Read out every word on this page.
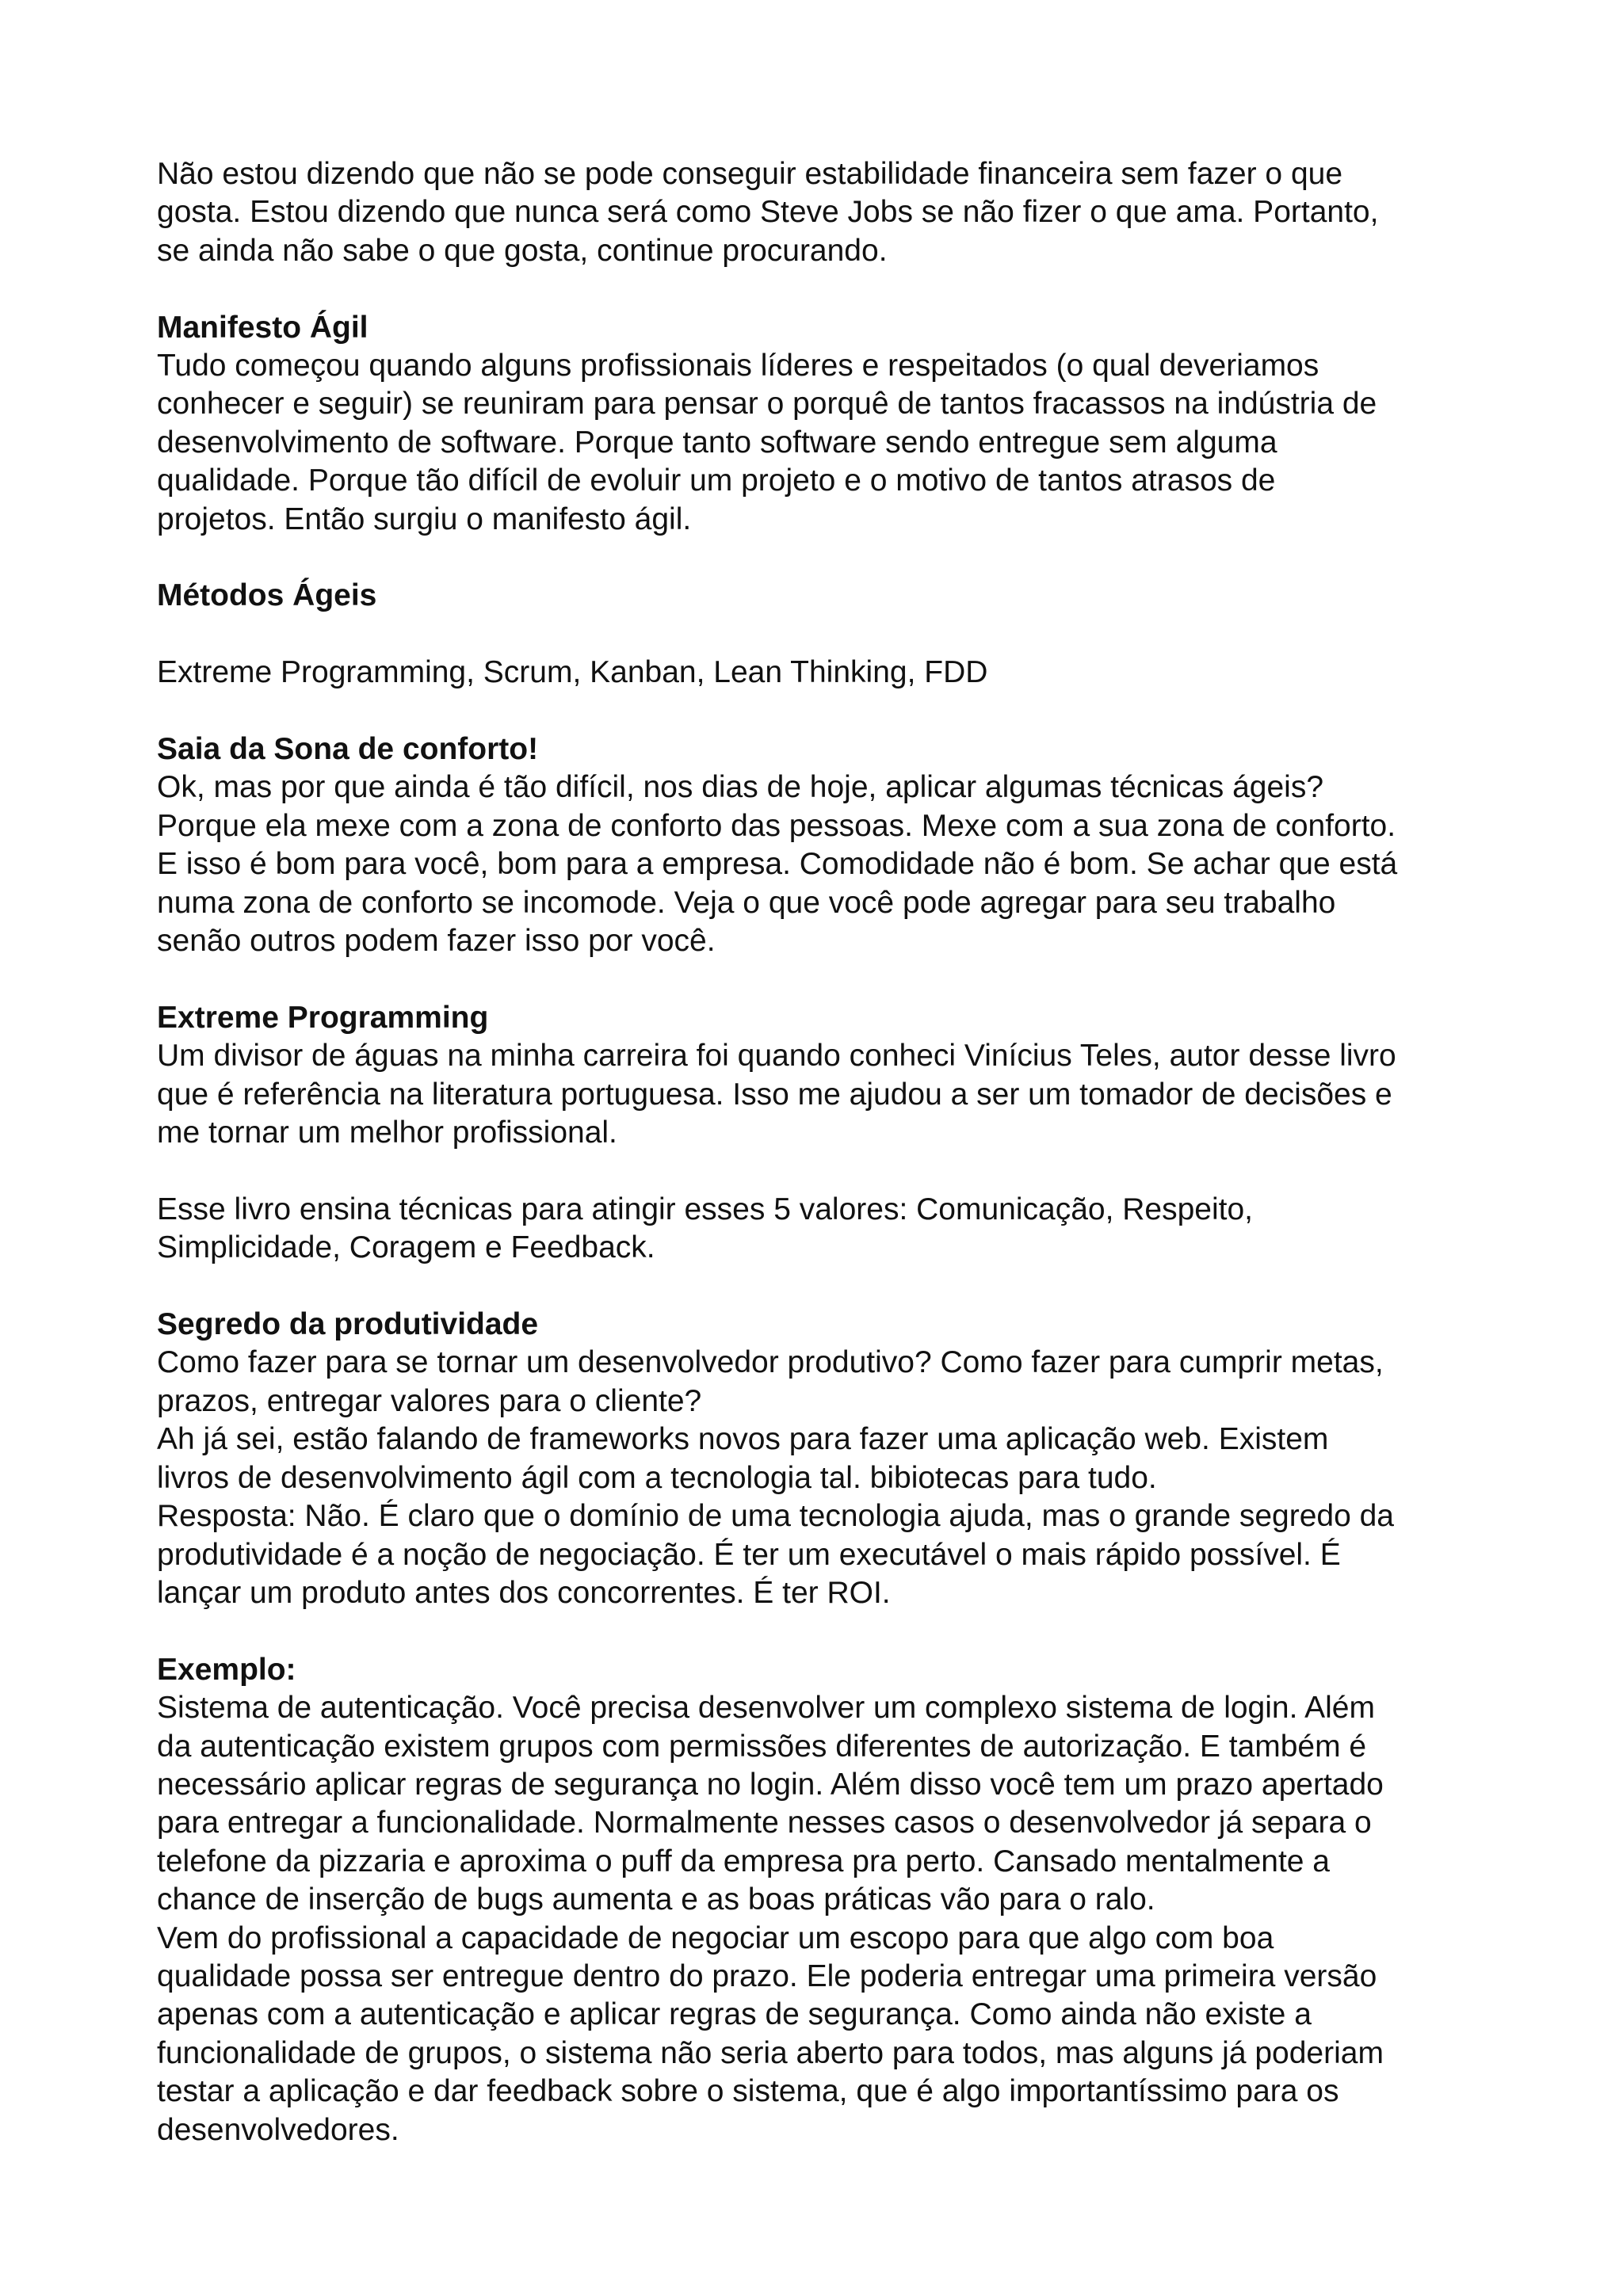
Não estou dizendo que não se pode conseguir estabilidade financeira sem fazer o que
gosta. Estou dizendo que nunca será como Steve Jobs se não fizer o que ama. Portanto,
se ainda não sabe o que gosta, continue procurando.

Manifesto Ágil

Tudo começou quando alguns profissionais líderes e respeitados (o qual deveriamos
conhecer e seguir) se reuniram para pensar o porquê de tantos fracassos na indústria de
desenvolvimento de software. Porque tanto software sendo entregue sem alguma
qualidade. Porque tão difícil de evoluir um projeto e o motivo de tantos atrasos de
projetos. Então surgiu o manifesto ágil.

Métodos Ágeis

Extreme Programming, Scrum, Kanban, Lean Thinking, FDD

Saia da Sona de conforto!

Ok, mas por que ainda é tão difícil, nos dias de hoje, aplicar algumas técnicas ágeis?
Porque ela mexe com a zona de conforto das pessoas. Mexe com a sua zona de conforto.
E isso é bom para você, bom para a empresa. Comodidade não é bom. Se achar que está
numa zona de conforto se incomode. Veja o que você pode agregar para seu trabalho
senão outros podem fazer isso por você.

Extreme Programming

Um divisor de águas na minha carreira foi quando conheci Vinícius Teles, autor desse livro
que é referência na literatura portuguesa. Isso me ajudou a ser um tomador de decisões e
me tornar um melhor profissional.

Esse livro ensina técnicas para atingir esses 5 valores: Comunicação, Respeito,
Simplicidade, Coragem e Feedback.

Segredo da produtividade

Como fazer para se tornar um desenvolvedor produtivo? Como fazer para cumprir metas,
prazos, entregar valores para o cliente?
Ah já sei, estão falando de frameworks novos para fazer uma aplicação web. Existem
livros de desenvolvimento ágil com a tecnologia tal. bibiotecas para tudo.
Resposta: Não. É claro que o domínio de uma tecnologia ajuda, mas o grande segredo da
produtividade é a noção de negociação. É ter um executável o mais rápido possível. É
lançar um produto antes dos concorrentes. É ter ROI.

Exemplo:

Sistema de autenticação. Você precisa desenvolver um complexo sistema de login. Além
da autenticação existem grupos com permissões diferentes de autorização. E também é
necessário aplicar regras de segurança no login. Além disso você tem um prazo apertado
para entregar a funcionalidade. Normalmente nesses casos o desenvolvedor já separa o
telefone da pizzaria e aproxima o puff da empresa pra perto. Cansado mentalmente a
chance de inserção de bugs aumenta e as boas práticas vão para o ralo.
Vem do profissional a capacidade de negociar um escopo para que algo com boa
qualidade possa ser entregue dentro do prazo. Ele poderia entregar uma primeira versão
apenas com a autenticação e aplicar regras de segurança. Como ainda não existe a
funcionalidade de grupos, o sistema não seria aberto para todos, mas alguns já poderiam
testar a aplicação e dar feedback sobre o sistema, que é algo importantíssimo para os
desenvolvedores.
